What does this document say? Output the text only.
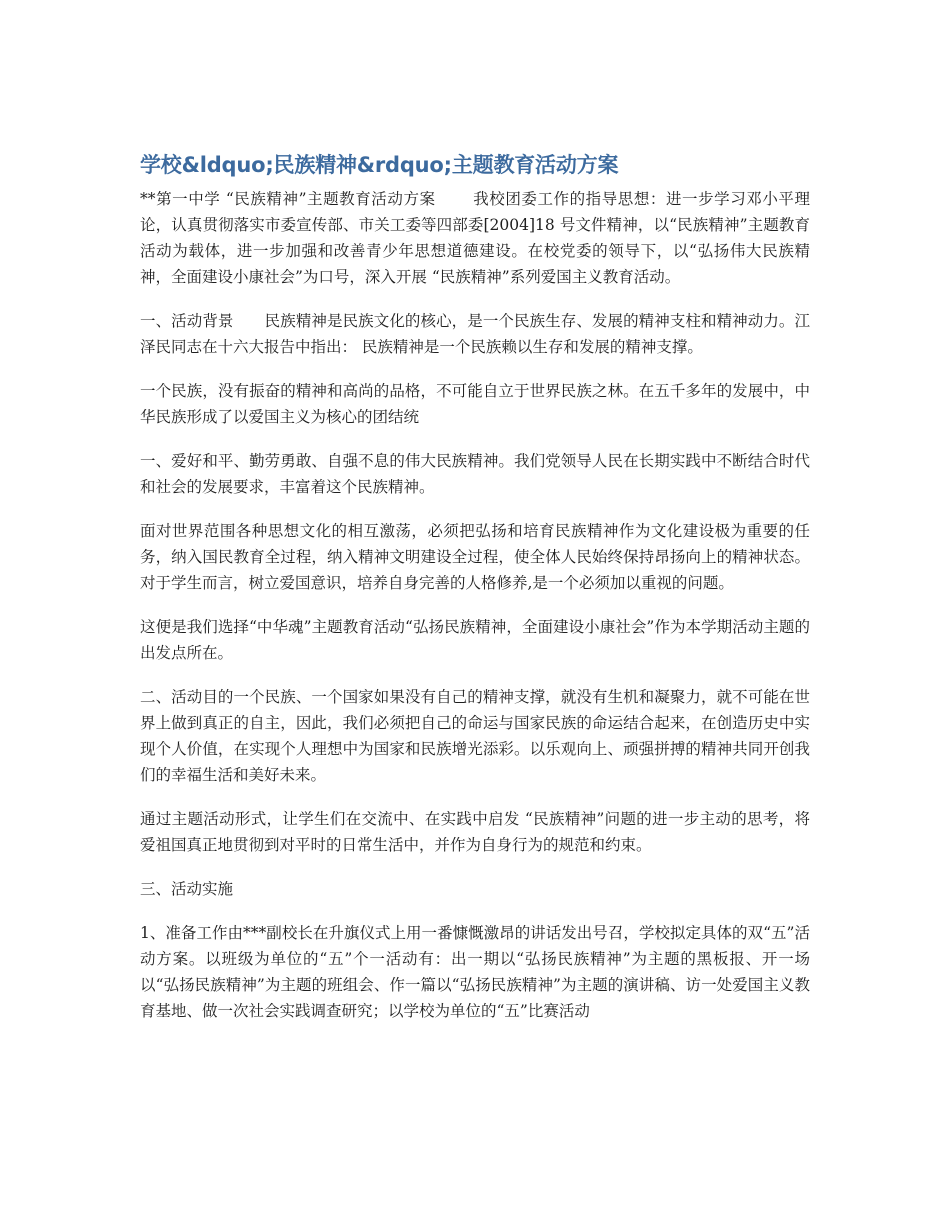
学校&ldquo;民族精神&rdquo;主题教育活动方案

**第一中学 “民族精神”主题教育活动方案　　 我校团委工作的指导思想：进一步学习邓小平理论，认真贯彻落实市委宣传部、市关工委等四部委[2004]18 号文件精神，以“民族精神”主题教育活动为载体，进一步加强和改善青少年思想道德建设。在校党委的领导下，以“弘扬伟大民族精神，全面建设小康社会”为口号，深入开展 “民族精神”系列爱国主义教育活动。

一、活动背景　　民族精神是民族文化的核心，是一个民族生存、发展的精神支柱和精神动力。江泽民同志在十六大报告中指出： 民族精神是一个民族赖以生存和发展的精神支撑。

一个民族，没有振奋的精神和高尚的品格，不可能自立于世界民族之林。在五千多年的发展中，中华民族形成了以爱国主义为核心的团结统

一、爱好和平、勤劳勇敢、自强不息的伟大民族精神。我们党领导人民在长期实践中不断结合时代和社会的发展要求，丰富着这个民族精神。

面对世界范围各种思想文化的相互激荡，必须把弘扬和培育民族精神作为文化建设极为重要的任务，纳入国民教育全过程，纳入精神文明建设全过程，使全体人民始终保持昂扬向上的精神状态。对于学生而言，树立爱国意识，培养自身完善的人格修养,是一个必须加以重视的问题。

这便是我们选择“中华魂”主题教育活动“弘扬民族精神，全面建设小康社会”作为本学期活动主题的出发点所在。

二、活动目的一个民族、一个国家如果没有自己的精神支撑，就没有生机和凝聚力，就不可能在世界上做到真正的自主，因此，我们必须把自己的命运与国家民族的命运结合起来，在创造历史中实现个人价值，在实现个人理想中为国家和民族增光添彩。以乐观向上、顽强拼搏的精神共同开创我们的幸福生活和美好未来。

通过主题活动形式，让学生们在交流中、在实践中启发 “民族精神”问题的进一步主动的思考，将爱祖国真正地贯彻到对平时的日常生活中，并作为自身行为的规范和约束。

三、活动实施

1、准备工作由***副校长在升旗仪式上用一番慷慨激昂的讲话发出号召，学校拟定具体的双“五”活动方案。以班级为单位的“五”个一活动有：出一期以“弘扬民族精神”为主题的黑板报、开一场以“弘扬民族精神”为主题的班组会、作一篇以“弘扬民族精神”为主题的演讲稿、访一处爱国主义教育基地、做一次社会实践调查研究；以学校为单位的“五”比赛活动
